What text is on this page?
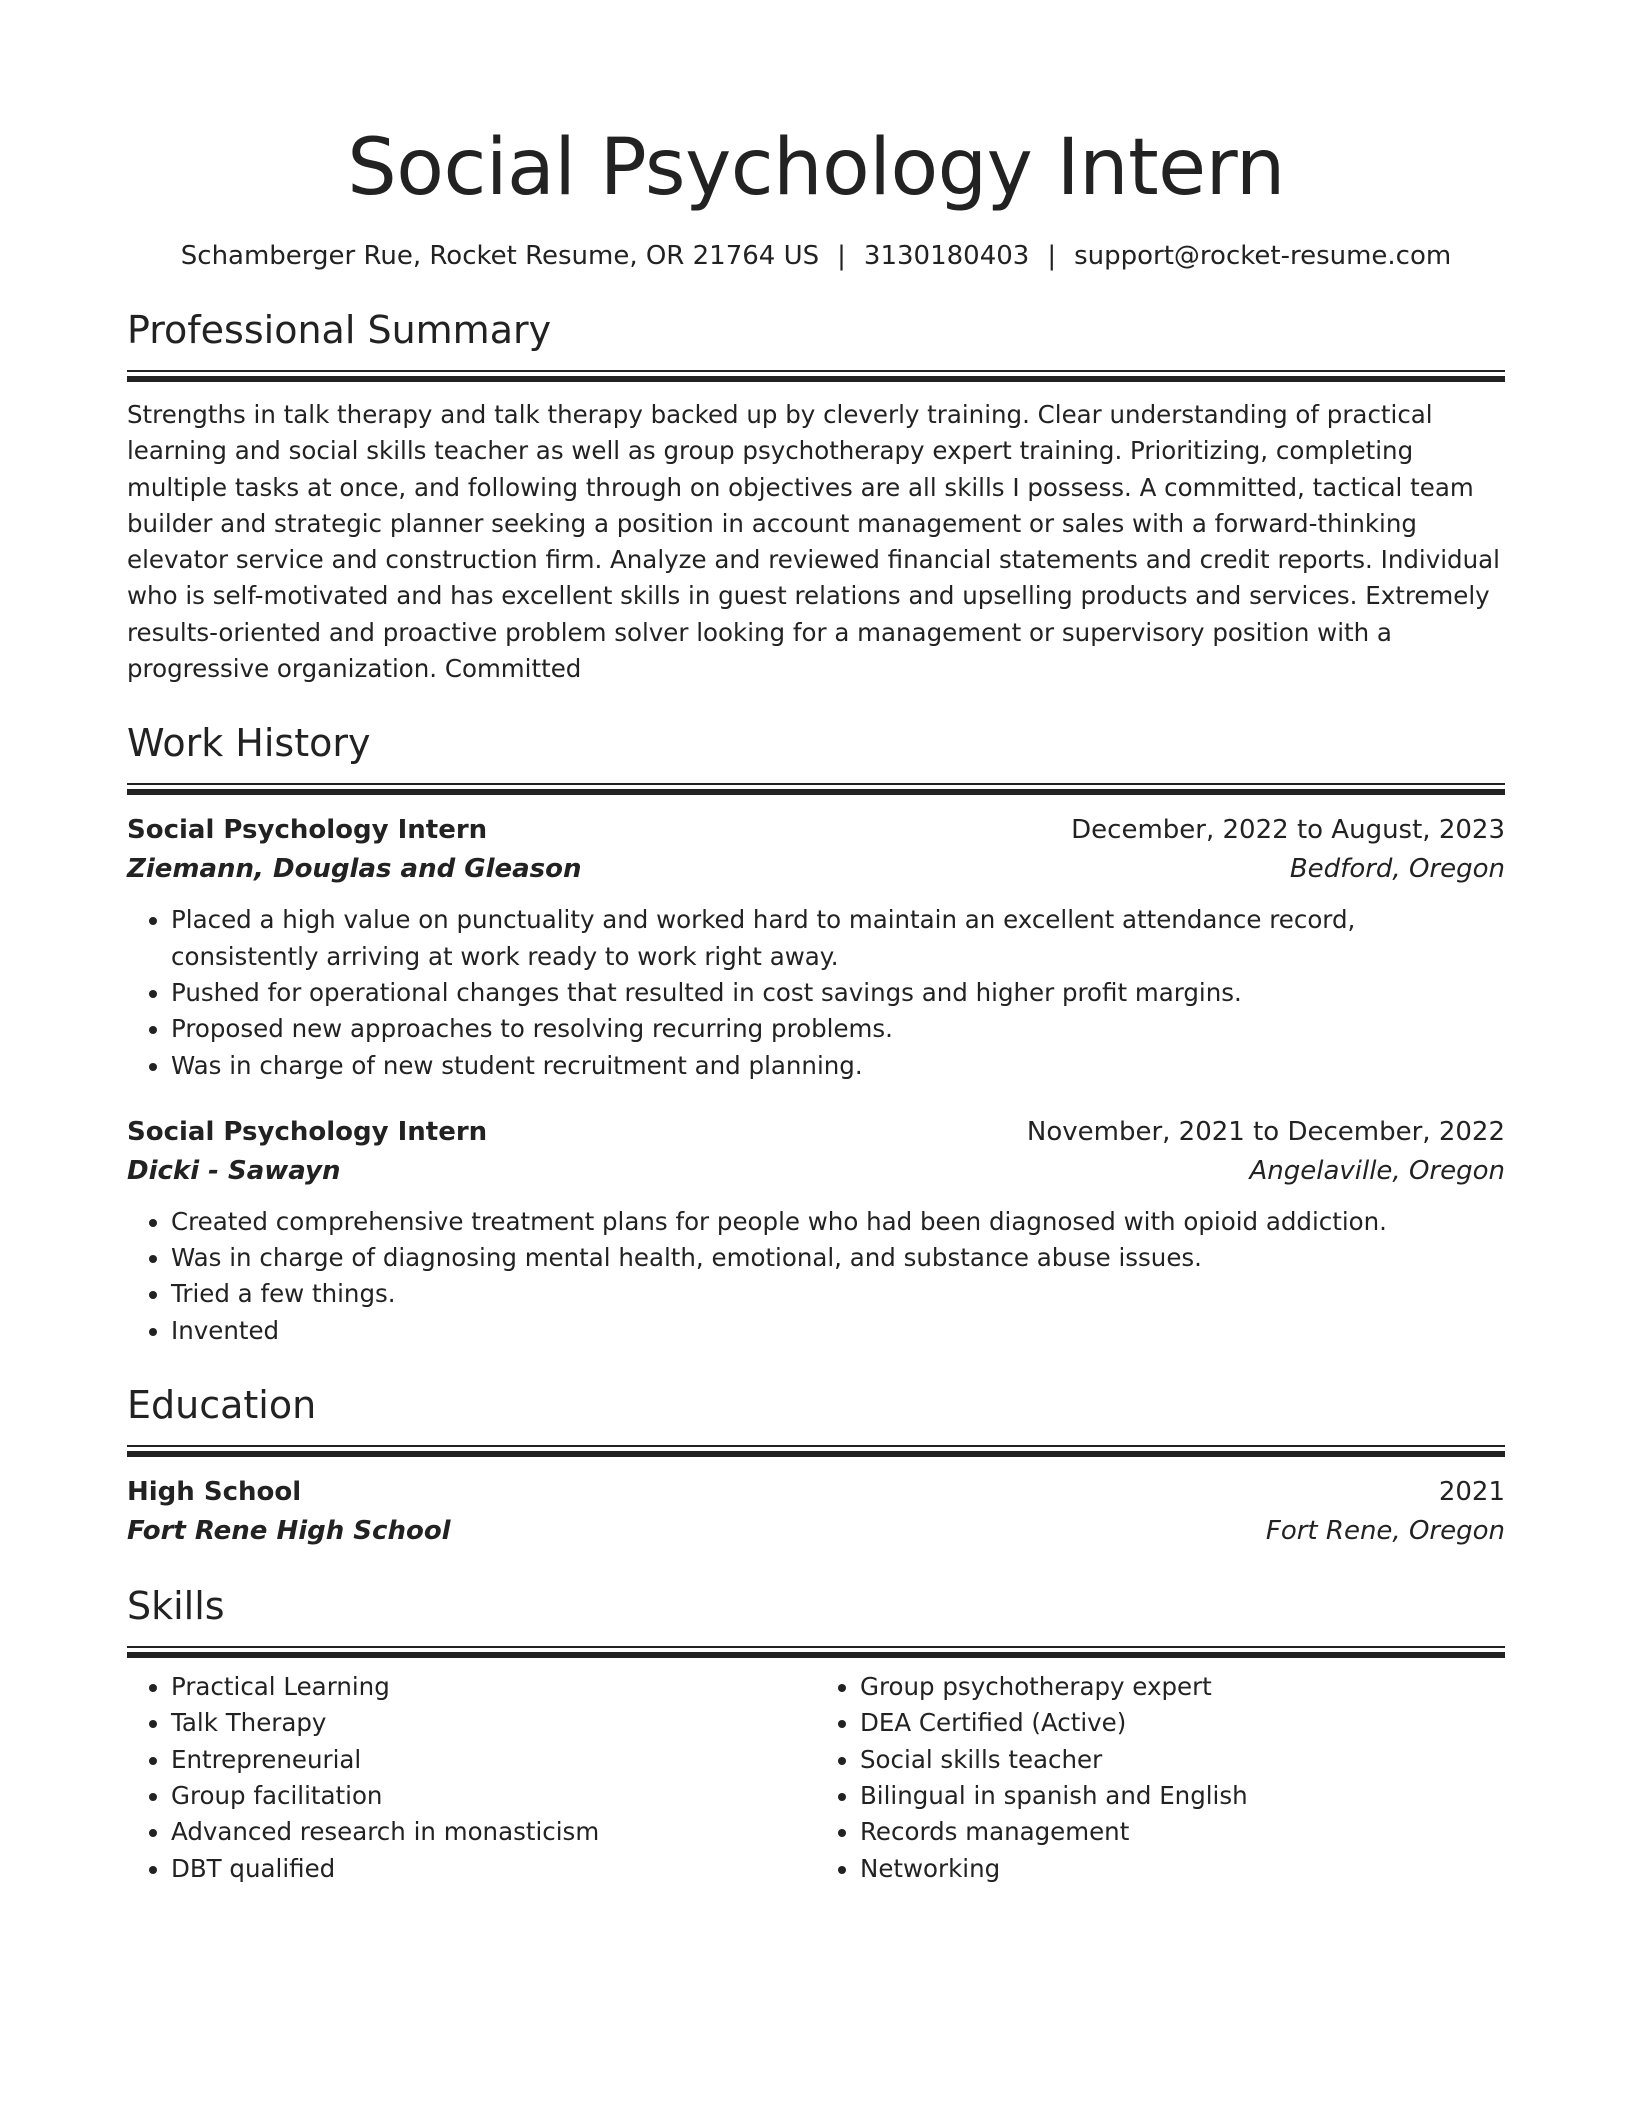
Social Psychology Intern
Schamberger Rue, Rocket Resume, OR 21764 US | 3130180403 | support@rocket-resume.com
Professional Summary
Strengths in talk therapy and talk therapy backed up by cleverly training. Clear understanding of practical learning and social skills teacher as well as group psychotherapy expert training. Prioritizing, completing multiple tasks at once, and following through on objectives are all skills I possess. A committed, tactical team builder and strategic planner seeking a position in account management or sales with a forward-thinking elevator service and construction firm. Analyze and reviewed financial statements and credit reports. Individual who is self-motivated and has excellent skills in guest relations and upselling products and services. Extremely results-oriented and proactive problem solver looking for a management or supervisory position with a progressive organization. Committed
Work History
Social Psychology Intern	December, 2022 to August, 2023
Ziemann, Douglas and Gleason	Bedford, Oregon
• Placed a high value on punctuality and worked hard to maintain an excellent attendance record, consistently arriving at work ready to work right away.
• Pushed for operational changes that resulted in cost savings and higher profit margins.
• Proposed new approaches to resolving recurring problems.
• Was in charge of new student recruitment and planning.
Social Psychology Intern	November, 2021 to December, 2022
Dicki - Sawayn	Angelaville, Oregon
• Created comprehensive treatment plans for people who had been diagnosed with opioid addiction.
• Was in charge of diagnosing mental health, emotional, and substance abuse issues.
• Tried a few things.
• Invented
Education
High School	2021
Fort Rene High School	Fort Rene, Oregon
Skills
• Practical Learning
• Talk Therapy
• Entrepreneurial
• Group facilitation
• Advanced research in monasticism
• DBT qualified
• Group psychotherapy expert
• DEA Certified (Active)
• Social skills teacher
• Bilingual in spanish and English
• Records management
• Networking
